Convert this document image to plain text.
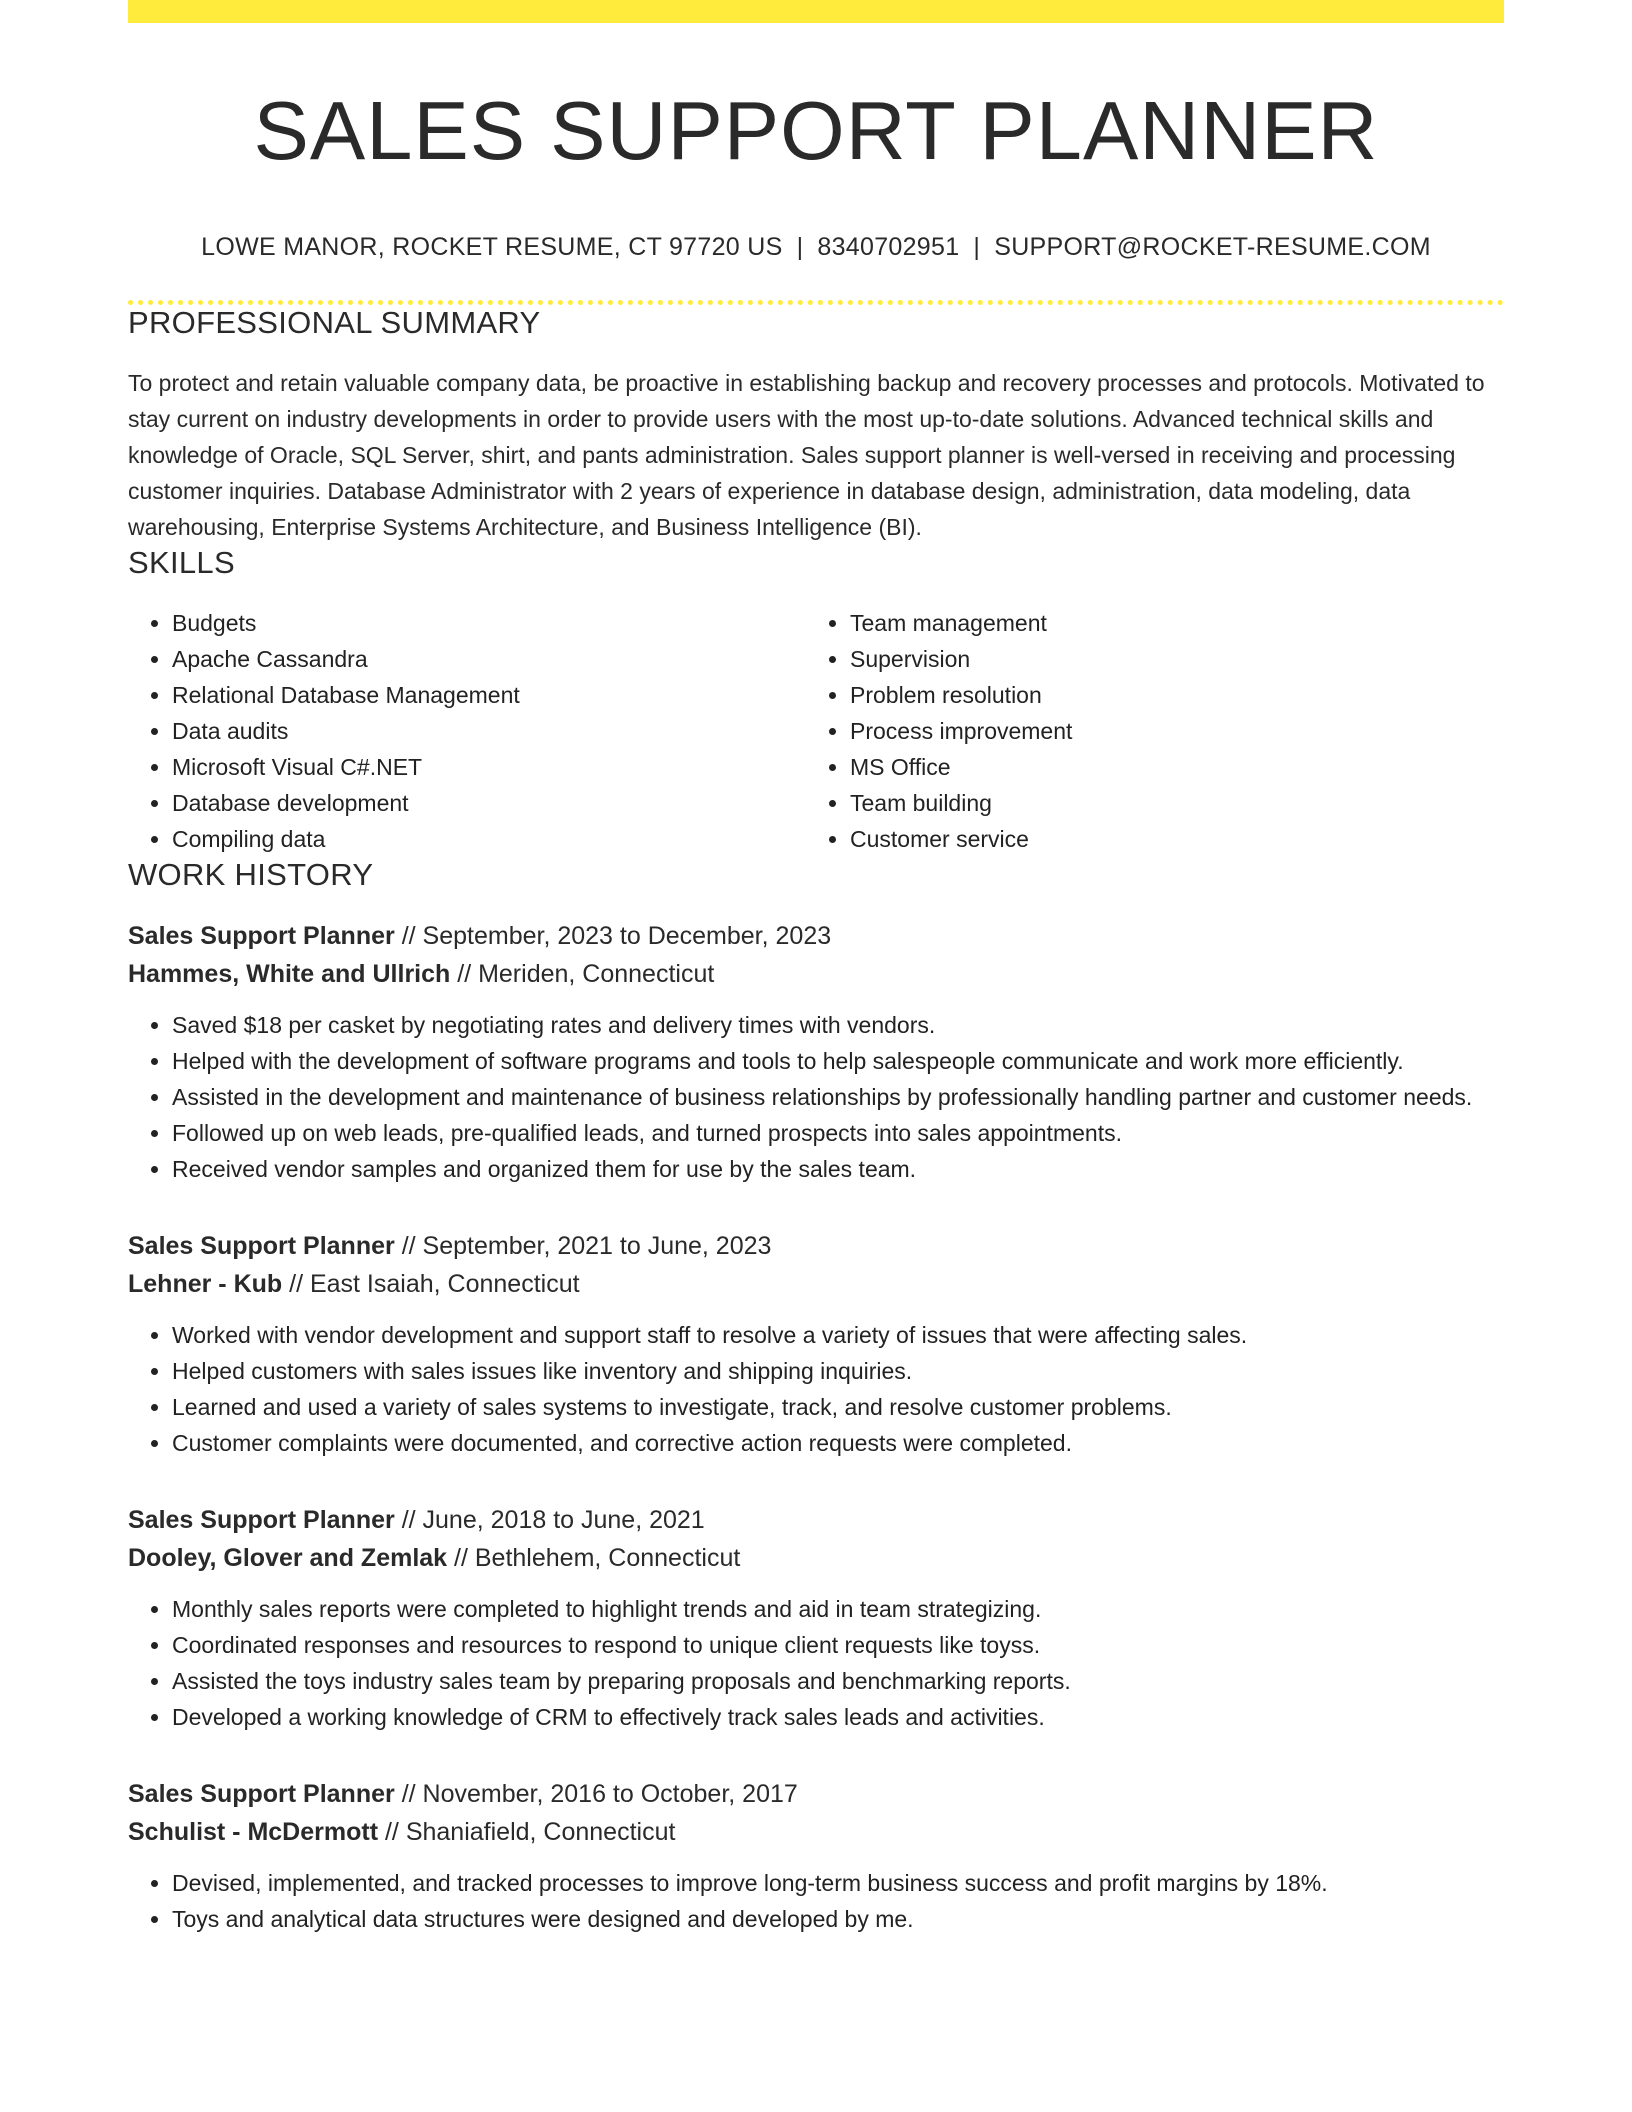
SALES SUPPORT PLANNER
LOWE MANOR, ROCKET RESUME, CT 97720 US | 8340702951 | SUPPORT@ROCKET-RESUME.COM
PROFESSIONAL SUMMARY

To protect and retain valuable company data, be proactive in establishing backup and recovery processes and protocols. Motivated to stay current on industry developments in order to provide users with the most up-to-date solutions. Advanced technical skills and knowledge of Oracle, SQL Server, shirt, and pants administration. Sales support planner is well-versed in receiving and processing customer inquiries. Database Administrator with 2 years of experience in database design, administration, data modeling, data warehousing, Enterprise Systems Architecture, and Business Intelligence (BI).

SKILLS
• Budgets
• Apache Cassandra
• Relational Database Management
• Data audits
• Microsoft Visual C#.NET
• Database development
• Compiling data
• Team management
• Supervision
• Problem resolution
• Process improvement
• MS Office
• Team building
• Customer service
WORK HISTORY
Sales Support Planner // September, 2023 to December, 2023
Hammes, White and Ullrich // Meriden, Connecticut
• Saved $18 per casket by negotiating rates and delivery times with vendors.
• Helped with the development of software programs and tools to help salespeople communicate and work more efficiently.
• Assisted in the development and maintenance of business relationships by professionally handling partner and customer needs.
• Followed up on web leads, pre-qualified leads, and turned prospects into sales appointments.
• Received vendor samples and organized them for use by the sales team.
Sales Support Planner // September, 2021 to June, 2023
Lehner - Kub // East Isaiah, Connecticut
• Worked with vendor development and support staff to resolve a variety of issues that were affecting sales.
• Helped customers with sales issues like inventory and shipping inquiries.
• Learned and used a variety of sales systems to investigate, track, and resolve customer problems.
• Customer complaints were documented, and corrective action requests were completed.
Sales Support Planner // June, 2018 to June, 2021
Dooley, Glover and Zemlak // Bethlehem, Connecticut
• Monthly sales reports were completed to highlight trends and aid in team strategizing.
• Coordinated responses and resources to respond to unique client requests like toyss.
• Assisted the toys industry sales team by preparing proposals and benchmarking reports.
• Developed a working knowledge of CRM to effectively track sales leads and activities.
Sales Support Planner // November, 2016 to October, 2017
Schulist - McDermott // Shaniafield, Connecticut
• Devised, implemented, and tracked processes to improve long-term business success and profit margins by 18%.
• Toys and analytical data structures were designed and developed by me.
